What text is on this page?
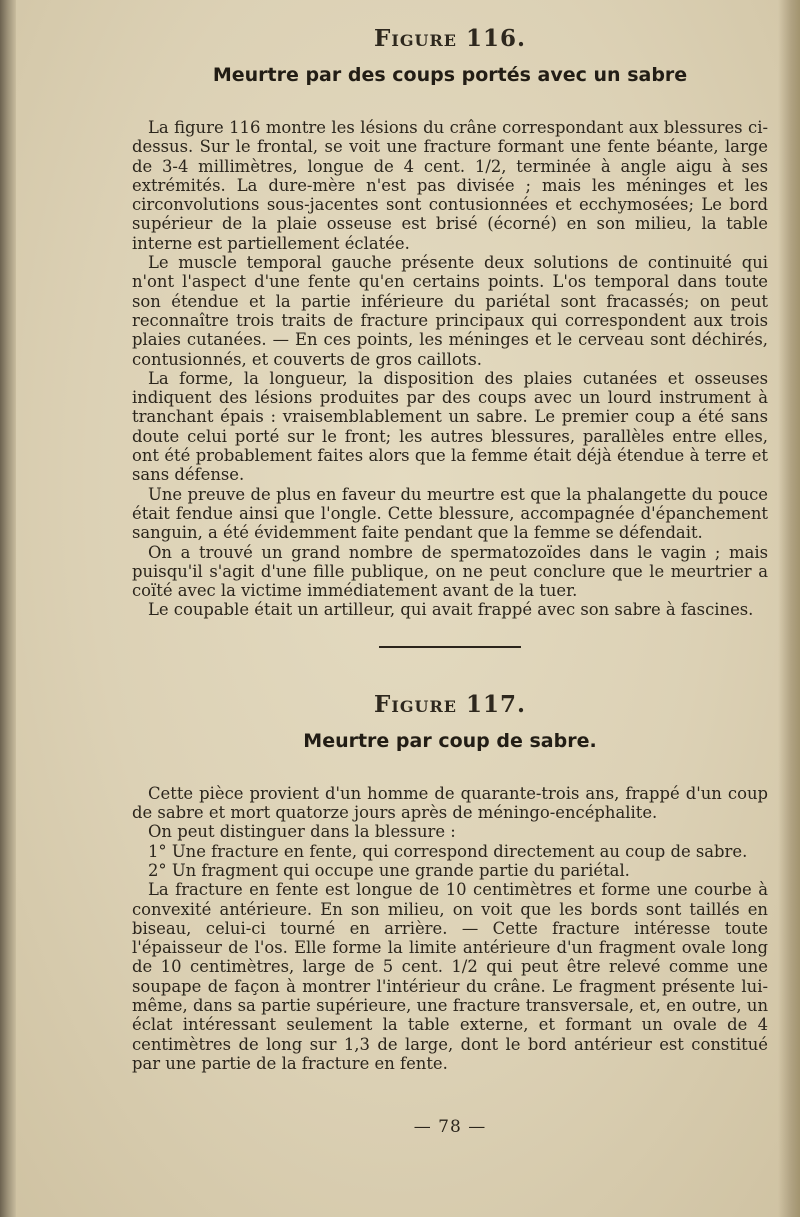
Figure 116.
Meurtre par des coups portés avec un sabre

La figure 116 montre les lésions du crâne correspondant aux blessures ci-dessus. Sur le frontal, se voit une fracture formant une fente béante, large de 3-4 millimètres, longue de 4 cent. 1/2, terminée à angle aigu à ses extrémités. La dure-mère n'est pas divisée ; mais les méninges et les circonvolutions sous-jacentes sont contusionnées et ecchymosées; Le bord supérieur de la plaie osseuse est brisé (écorné) en son milieu, la table interne est partiellement éclatée.

Le muscle temporal gauche présente deux solutions de continuité qui n'ont l'aspect d'une fente qu'en certains points. L'os temporal dans toute son étendue et la partie inférieure du pariétal sont fracassés; on peut reconnaître trois traits de fracture principaux qui correspondent aux trois plaies cutanées. — En ces points, les méninges et le cerveau sont déchirés, contusionnés, et couverts de gros caillots.

La forme, la longueur, la disposition des plaies cutanées et osseuses indiquent des lésions produites par des coups avec un lourd instrument à tranchant épais : vraisemblablement un sabre. Le premier coup a été sans doute celui porté sur le front; les autres blessures, parallèles entre elles, ont été probablement faites alors que la femme était déjà étendue à terre et sans défense.

Une preuve de plus en faveur du meurtre est que la phalangette du pouce était fendue ainsi que l'ongle. Cette blessure, accompagnée d'épanchement sanguin, a été évidemment faite pendant que la femme se défendait.

On a trouvé un grand nombre de spermatozoïdes dans le vagin ; mais puisqu'il s'agit d'une fille publique, on ne peut conclure que le meurtrier a coïté avec la victime immédiatement avant de la tuer.

Le coupable était un artilleur, qui avait frappé avec son sabre à fascines.

Figure 117.
Meurtre par coup de sabre.

Cette pièce provient d'un homme de quarante-trois ans, frappé d'un coup de sabre et mort quatorze jours après de méningo-encéphalite.

On peut distinguer dans la blessure :

1° Une fracture en fente, qui correspond directement au coup de sabre.

2° Un fragment qui occupe une grande partie du pariétal.

La fracture en fente est longue de 10 centimètres et forme une courbe à convexité antérieure. En son milieu, on voit que les bords sont taillés en biseau, celui-ci tourné en arrière. — Cette fracture intéresse toute l'épaisseur de l'os. Elle forme la limite antérieure d'un fragment ovale long de 10 centimètres, large de 5 cent. 1/2 qui peut être relevé comme une soupape de façon à montrer l'intérieur du crâne. Le fragment présente lui-même, dans sa partie supérieure, une fracture transversale, et, en outre, un éclat intéressant seulement la table externe, et formant un ovale de 4 centimètres de long sur 1,3 de large, dont le bord antérieur est constitué par une partie de la fracture en fente.

— 78 —
